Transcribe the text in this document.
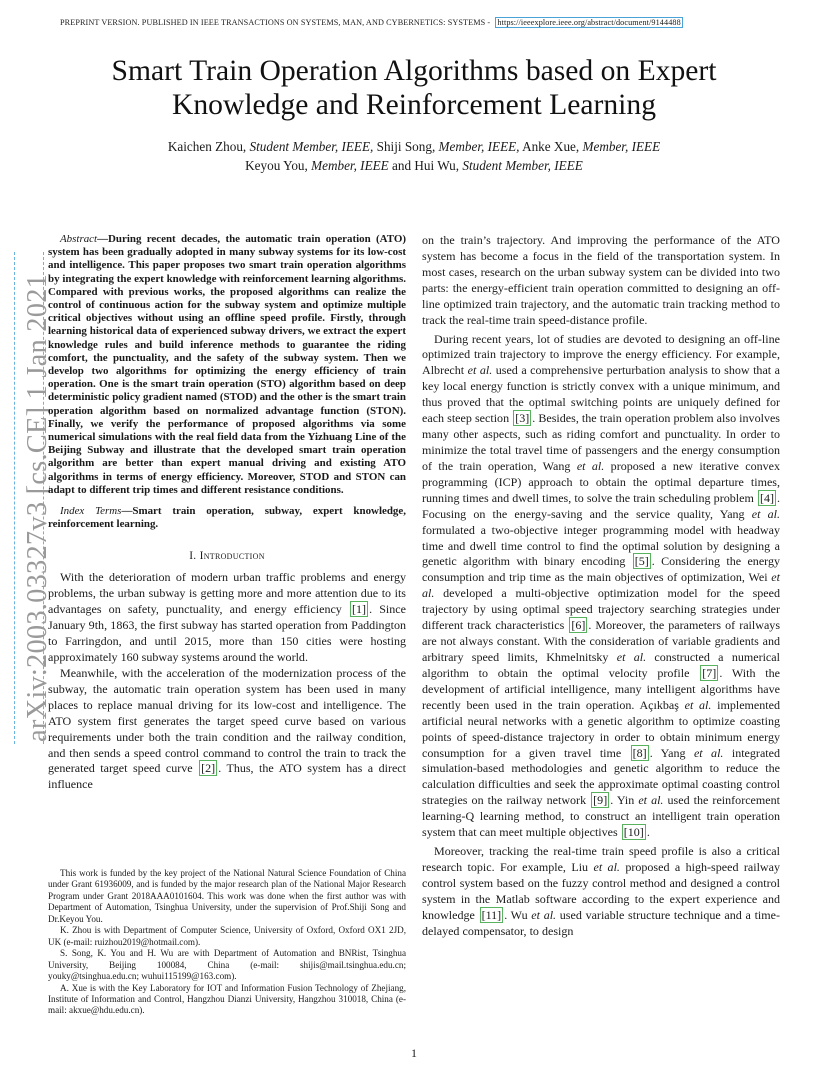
PREPRINT VERSION. PUBLISHED IN IEEE TRANSACTIONS ON SYSTEMS, MAN, AND CYBERNETICS: SYSTEMS - https://ieeexplore.ieee.org/abstract/document/9144488
Smart Train Operation Algorithms based on Expert Knowledge and Reinforcement Learning
Kaichen Zhou, Student Member, IEEE, Shiji Song, Member, IEEE, Anke Xue, Member, IEEE
Keyou You, Member, IEEE and Hui Wu, Student Member, IEEE
arXiv:2003.03327v3 [cs.CE] 1 Jan 2021

Abstract—During recent decades, the automatic train operation (ATO) system has been gradually adopted in many subway systems for its low-cost and intelligence. This paper proposes two smart train operation algorithms by integrating the expert knowledge with reinforcement learning algorithms. Compared with previous works, the proposed algorithms can realize the control of continuous action for the subway system and optimize multiple critical objectives without using an offline speed profile. Firstly, through learning historical data of experienced subway drivers, we extract the expert knowledge rules and build inference methods to guarantee the riding comfort, the punctuality, and the safety of the subway system. Then we develop two algorithms for optimizing the energy efficiency of train operation. One is the smart train operation (STO) algorithm based on deep deterministic policy gradient named (STOD) and the other is the smart train operation algorithm based on normalized advantage function (STON). Finally, we verify the performance of proposed algorithms via some numerical simulations with the real field data from the Yizhuang Line of the Beijing Subway and illustrate that the developed smart train operation algorithm are better than expert manual driving and existing ATO algorithms in terms of energy efficiency. Moreover, STOD and STON can adapt to different trip times and different resistance conditions.

Index Terms—Smart train operation, subway, expert knowledge, reinforcement learning.

I. Introduction

With the deterioration of modern urban traffic problems and energy problems, the urban subway is getting more and more attention due to its advantages on safety, punctuality, and energy efficiency [1] . Since January 9th, 1863, the first subway has started operation from Paddington to Farringdon, and until 2015, more than 150 cities were hosting approximately 160 subway systems around the world.

Meanwhile, with the acceleration of the modernization process of the subway, the automatic train operation system has been used in many places to replace manual driving for its low-cost and intelligence. The ATO system first generates the target speed curve based on various requirements under both the train condition and the railway condition, and then sends a speed control command to control the train to track the generated target speed curve [2] . Thus, the ATO system has a direct influence

This work is funded by the key project of the National Natural Science Foundation of China under Grant 61936009, and is funded by the major research plan of the National Major Research Program under Grant 2018AAA0101604. This work was done when the first author was with Department of Automation, Tsinghua University, under the supervision of Prof.Shiji Song and Dr.Keyou You.

K. Zhou is with Department of Computer Science, University of Oxford, Oxford OX1 2JD, UK (e-mail: ruizhou2019@hotmail.com).

S. Song, K. You and H. Wu are with Department of Automation and BNRist, Tsinghua University, Beijing 100084, China (e-mail: shijis@mail.tsinghua.edu.cn; youky@tsinghua.edu.cn; wuhui115199@163.com).

A. Xue is with the Key Laboratory for IOT and Information Fusion Technology of Zhejiang, Institute of Information and Control, Hangzhou Dianzi University, Hangzhou 310018, China (e-mail: akxue@hdu.edu.cn).

on the train’s trajectory. And improving the performance of the ATO system has become a focus in the field of the transportation system. In most cases, research on the urban subway system can be divided into two parts: the energy-efficient train operation committed to designing an off-line optimized train trajectory, and the automatic train tracking method to track the real-time train speed-distance profile.

During recent years, lot of studies are devoted to designing an off-line optimized train trajectory to improve the energy efficiency. For example, Albrecht et al. used a comprehensive perturbation analysis to show that a key local energy function is strictly convex with a unique minimum, and thus proved that the optimal switching points are uniquely defined for each steep section [3] . Besides, the train operation problem also involves many other aspects, such as riding comfort and punctuality. In order to minimize the total travel time of passengers and the energy consumption of the train operation, Wang et al. proposed a new iterative convex programming (ICP) approach to obtain the optimal departure times, running times and dwell times, to solve the train scheduling problem [4] . Focusing on the energy-saving and the service quality, Yang et al. formulated a two-objective integer programming model with headway time and dwell time control to find the optimal solution by designing a genetic algorithm with binary encoding [5] . Considering the energy consumption and trip time as the main objectives of optimization, Wei et al. developed a multi-objective optimization model for the speed trajectory by using optimal speed trajectory searching strategies under different track characteristics [6] . Moreover, the parameters of railways are not always constant. With the consideration of variable gradients and arbitrary speed limits, Khmelnitsky et al. constructed a numerical algorithm to obtain the optimal velocity profile [7] . With the development of artificial intelligence, many intelligent algorithms have recently been used in the train operation. Açıkbaş et al. implemented artificial neural networks with a genetic algorithm to optimize coasting points of speed-distance trajectory in order to obtain minimum energy consumption for a given travel time [8] . Yang et al. integrated simulation-based methodologies and genetic algorithm to reduce the calculation difficulties and seek the approximate optimal coasting control strategies on the railway network [9] . Yin et al. used the reinforcement learning-Q learning method, to construct an intelligent train operation system that can meet multiple objectives [10] .

Moreover, tracking the real-time train speed profile is also a critical research topic. For example, Liu et al. proposed a high-speed railway control system based on the fuzzy control method and designed a control system in the Matlab software according to the expert experience and knowledge [11] . Wu et al. used variable structure technique and a time-delayed compensator, to design

1
